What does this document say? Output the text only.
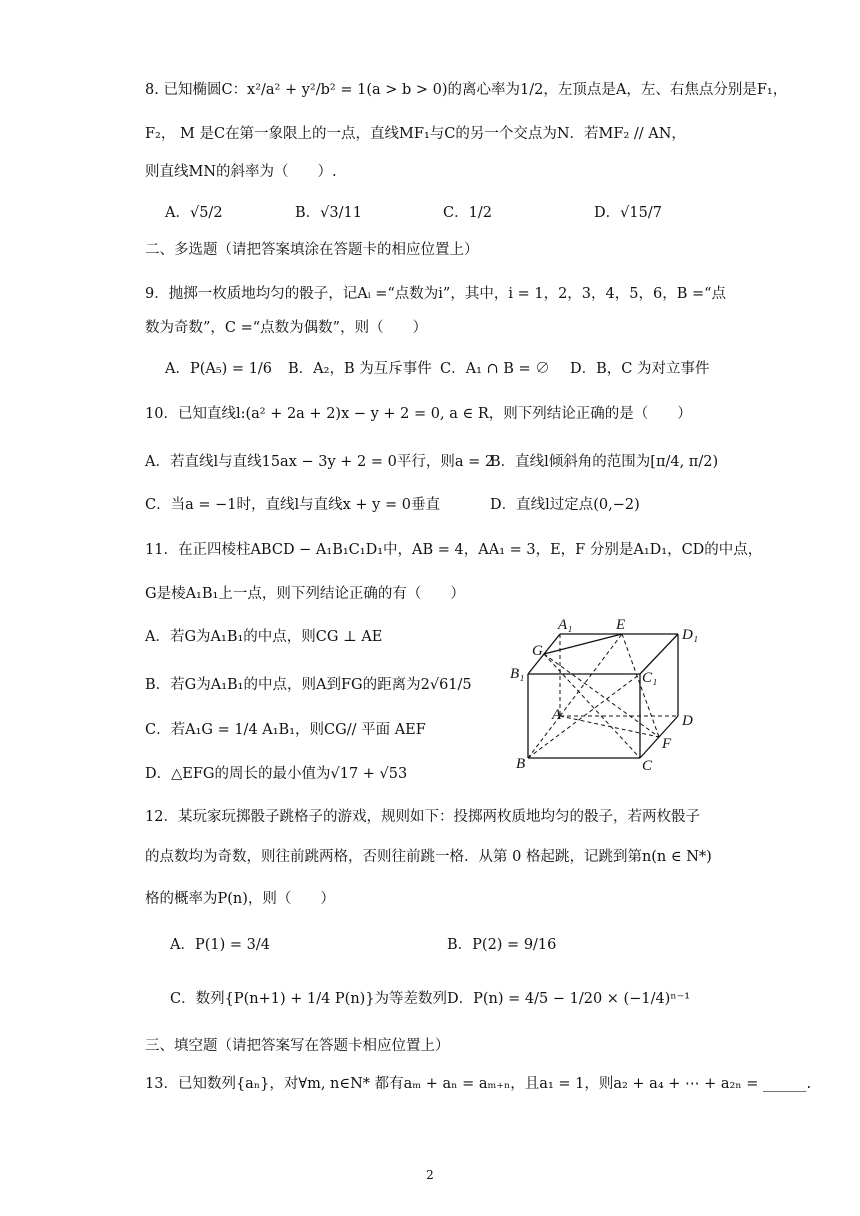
8. 已知椭圆C：x²/a² + y²/b² = 1(a > b > 0)的离心率为1/2，左顶点是A，左、右焦点分别是F₁，
F₂， M 是C在第一象限上的一点，直线MF₁与C的另一个交点为N．若MF₂ // AN，
则直线MN的斜率为（　　）.
A．√5/2	B．√3/11	C．1/2	D．√15/7
二、多选题（请把答案填涂在答题卡的相应位置上）
9．抛掷一枚质地均匀的骰子，记Aᵢ =“点数为i”，其中，i = 1，2，3，4，5，6，B =“点
数为奇数”，C =“点数为偶数”，则（　　）
A．P(A₅) = 1/6 B．A₂，B 为互斥事件 C．A₁ ∩ B = ∅ D．B，C 为对立事件
10．已知直线l:(a² + 2a + 2)x − y + 2 = 0, a ∈ R，则下列结论正确的是（　　）
A．若直线l与直线15ax − 3y + 2 = 0平行，则a = 2
B．直线l倾斜角的范围为[π/4, π/2)
C．当a = −1时，直线l与直线x + y = 0垂直	D．直线l过定点(0,−2)
11．在正四棱柱ABCD − A₁B₁C₁D₁中，AB = 4，AA₁ = 3，E，F 分别是A₁D₁，CD的中点，
G是棱A₁B₁上一点，则下列结论正确的有（　　）
A．若G为A₁B₁的中点，则CG ⊥ AE
B．若G为A₁B₁的中点，则A到FG的距离为2√61/5
C．若A₁G = 1/4 A₁B₁，则CG// 平面 AEF
D．△EFG的周长的最小值为√17 + √53
A₁	E
D₁
G
B₁	C₁
A	D
F
B	C
12．某玩家玩掷骰子跳格子的游戏，规则如下：投掷两枚质地均匀的骰子，若两枚骰子
的点数均为奇数，则往前跳两格，否则往前跳一格．从第 0 格起跳，记跳到第n(n ∈ N*)
格的概率为P(n)，则（　　）
A．P(1) = 3/4	B．P(2) = 9/16
C．数列{P(n+1) + 1/4 P(n)}为等差数列 D．P(n) = 4/5 − 1/20 × (−1/4)ⁿ⁻¹
三、填空题（请把答案写在答题卡相应位置上）
13．已知数列{aₙ}，对∀m, n∈N* 都有aₘ + aₙ = aₘ₊ₙ，且a₁ = 1，则a₂ + a₄ + ⋯ + a₂ₙ = ______.
2
